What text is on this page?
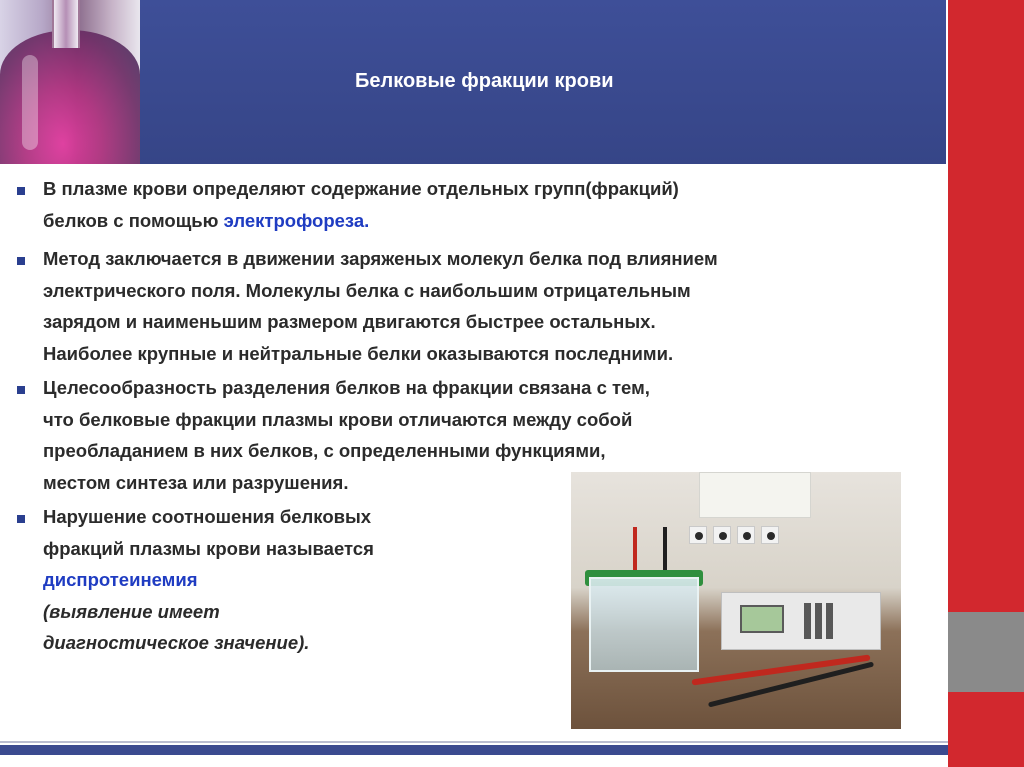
Белковые фракции крови
В плазме крови определяют содержание отдельных групп(фракций)
белков с помощью электрофореза.
Метод заключается в движении заряженых молекул белка под влиянием
электрического поля. Молекулы белка с наибольшим отрицательным
зарядом и наименьшим размером двигаются быстрее остальных.
Наиболее крупные и нейтральные белки оказываются последними.
Целесообразность разделения белков на фракции связана с тем,
что белковые фракции плазмы крови отличаются между собой
преобладанием в них белков, с определенными функциями,
местом синтеза или разрушения.
Нарушение соотношения белковых
фракций плазмы крови называется
диспротеинемия
(выявление имеет
диагностическое значение).
